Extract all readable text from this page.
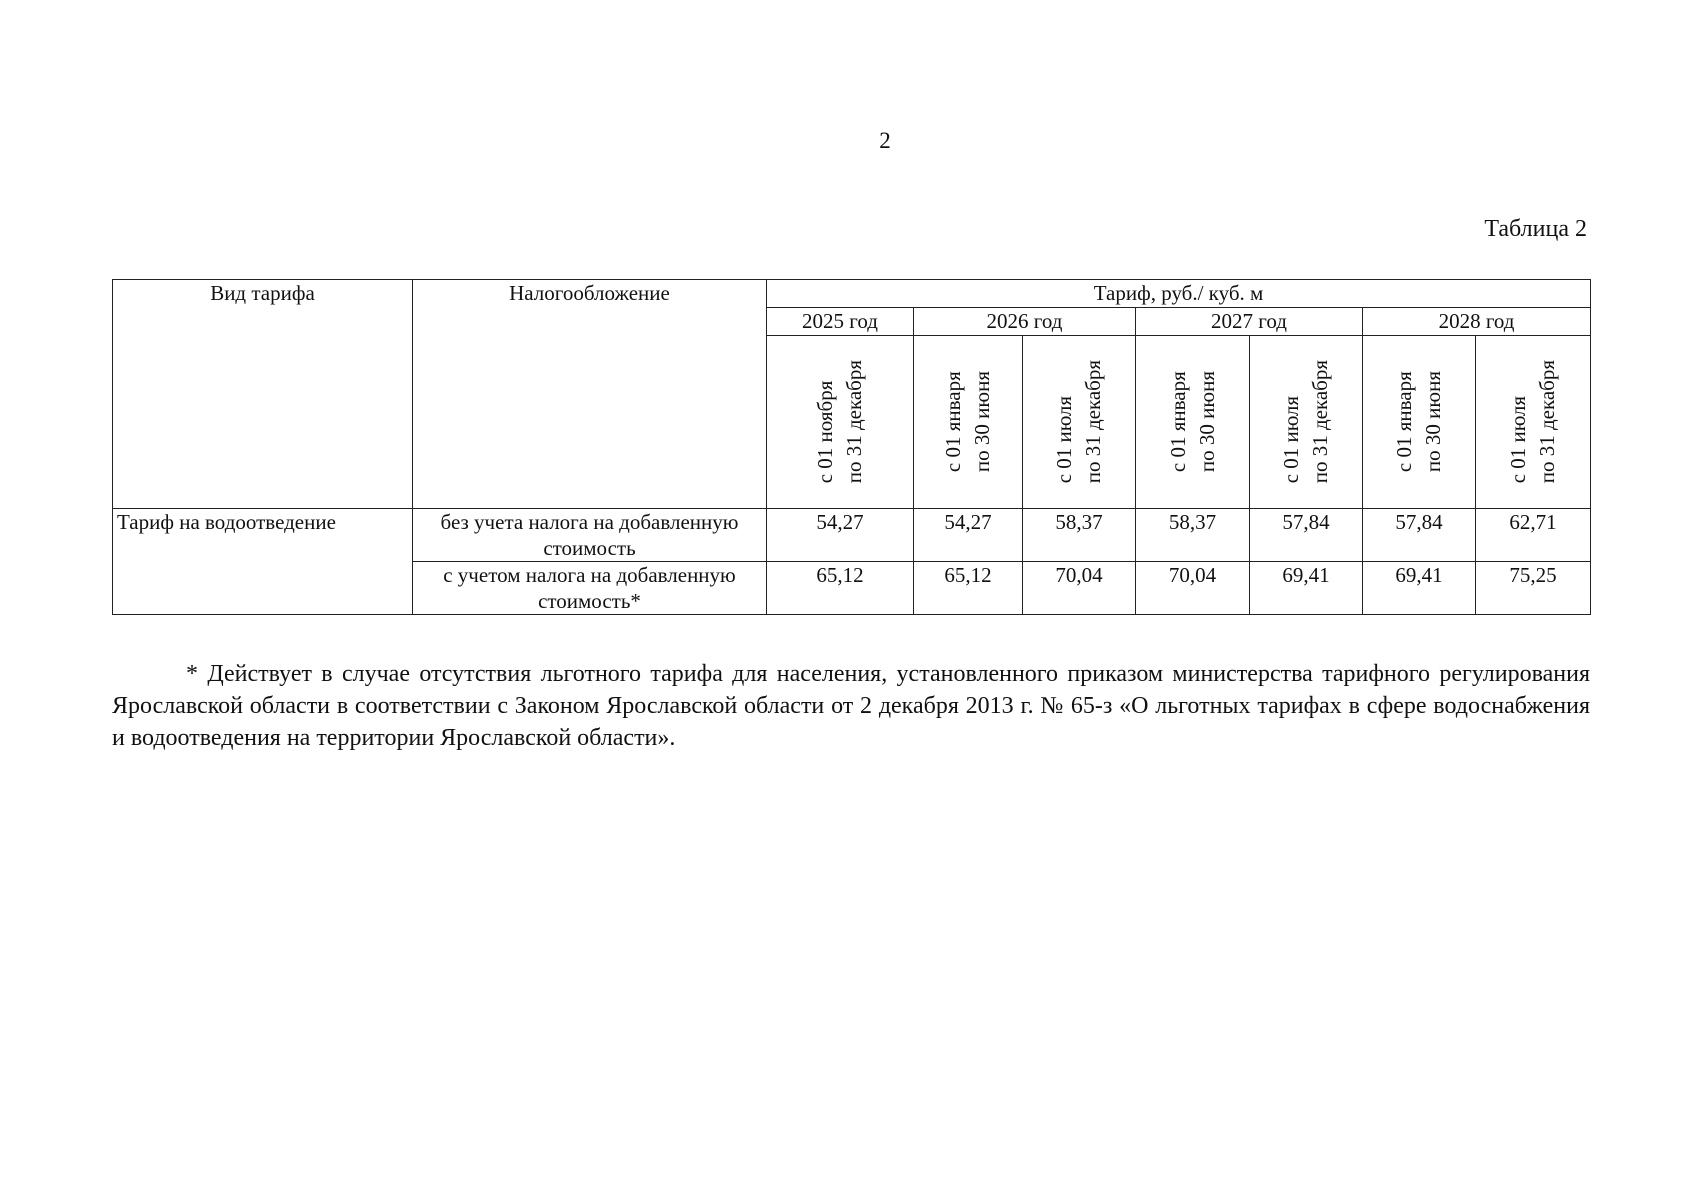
2
Таблица 2
Вид тарифа	Налогообложение	Тариф, руб./ куб. м						
		2025 год	2026 год		2027 год		2028 год	

		с 01 ноября по 31 декабря	с 01 января по 30 июня	с 01 июля по 31 декабря	с 01 января по 30 июня	с 01 июля по 31 декабря	с 01 января по 30 июня	с 01 июля по 31 декабря

Тариф на водоотведение	без учета налога на добавленную
стоимость	54,27	54,27	58,37	58,37	57,84	57,84	62,71
	с учетом налога на добавленную
стоимость*	65,12	65,12	70,04	70,04	69,41	69,41	75,25
* Действует в случае отсутствия льготного тарифа для населения, установленного приказом министерства тарифного регулирования Ярославской области в соответствии с Законом Ярославской области от 2 декабря 2013 г. № 65-з «О льготных тарифах в сфере водоснабжения и водоотведения на территории Ярославской области».
